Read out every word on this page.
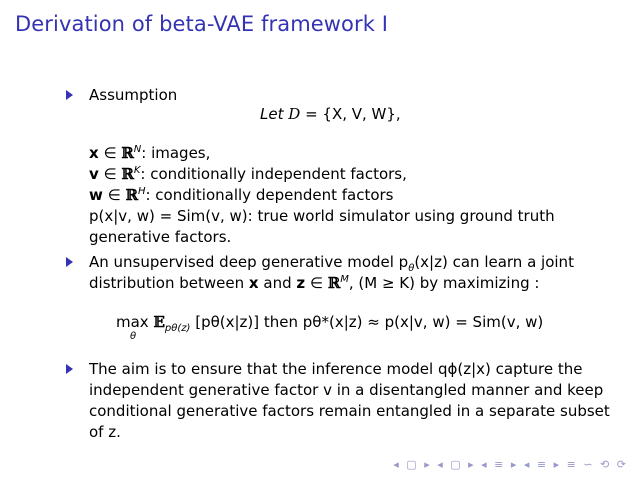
Derivation of beta-VAE framework I
Assumption
Let D = {X, V, W},
x ∈ ℝ$^N$: images,
v ∈ ℝ$^K$: conditionally independent factors,
w ∈ ℝ$^H$: conditionally dependent factors
p(x|v, w) = Sim(v, w): true world simulator using ground truth
generative factors.
An unsupervised deep generative model $p_\theta(x|z)$ can learn a joint
distribution between x and z ∈ ℝ$^M$, (M ≥ K) by maximizing :
max
θ
𝔼$_{p\theta(z)}$ [pθ(x|z)] then pθ*(x|z) ≈ p(x|v, w) = Sim(v, w)
The aim is to ensure that the inference model qϕ(z|x) capture the
independent generative factor v in a disentangled manner and keep
conditional generative factors remain entangled in a separate subset
of z.
◂ ▢ ▸ ◂ ▢ ▸ ◂ ≡ ▸ ◂ ≡ ▸ ≡ ∽ ⟲ ⟳
